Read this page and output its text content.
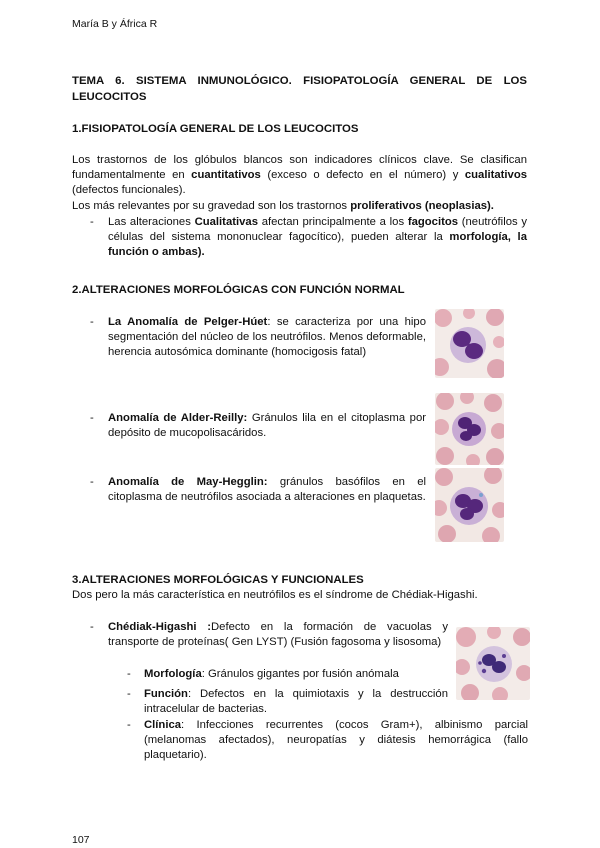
María B y África R
TEMA 6. SISTEMA INMUNOLÓGICO. FISIOPATOLOGÍA GENERAL DE LOS LEUCOCITOS
1.FISIOPATOLOGÍA GENERAL DE LOS LEUCOCITOS
Los trastornos de los glóbulos blancos son indicadores clínicos clave. Se clasifican fundamentalmente en cuantitativos (exceso o defecto en el número) y cualitativos (defectos funcionales).
Los más relevantes por su gravedad son los trastornos proliferativos (neoplasias).
- Las alteraciones Cualitativas afectan principalmente a los fagocitos (neutrófilos y células del sistema mononuclear fagocítico), pueden alterar la morfología, la función o ambas).
2.ALTERACIONES MORFOLÓGICAS CON FUNCIÓN NORMAL
- La Anomalía de Pelger-Húet: se caracteriza por una hipo segmentación del núcleo de los neutrófilos. Menos deformable, herencia autosómica dominante (homocigosis fatal)
- Anomalía de Alder-Reilly: Gránulos lila en el citoplasma por depósito de mucopolisacáridos.
- Anomalía de May-Hegglin: gránulos basófilos en el citoplasma de neutrófilos asociada a alteraciones en plaquetas.
3.ALTERACIONES MORFOLÓGICAS Y FUNCIONALES
Dos pero la más característica en neutrófilos es el síndrome de Chédiak-Higashi.
- Chédiak-Higashi :Defecto en la formación de vacuolas y transporte de proteínas( Gen LYST) (Fusión fagosoma y lisosoma)
- Morfología: Gránulos gigantes por fusión anómala
- Función: Defectos en la quimiotaxis y la destrucción intracelular de bacterias.
- Clínica: Infecciones recurrentes (cocos Gram+), albinismo parcial (melanomas afectados), neuropatías y diátesis hemorrágica (fallo plaquetario).
107
